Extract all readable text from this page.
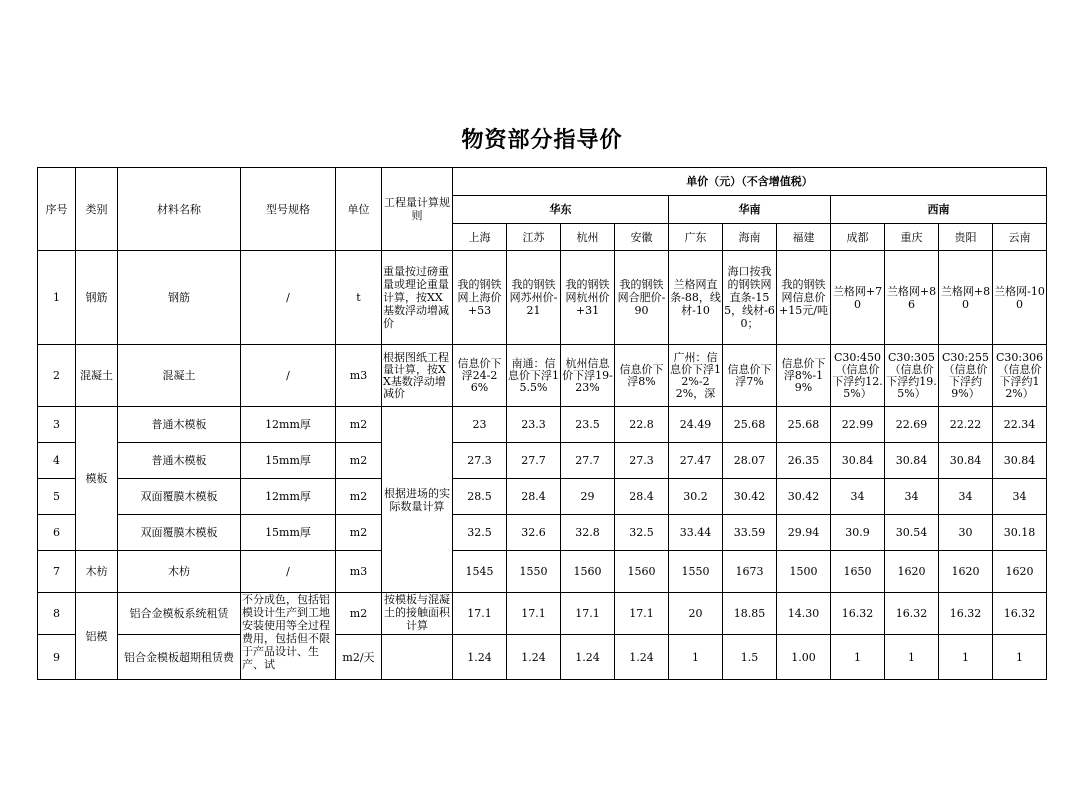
物资部分指导价
序号	类别	材料名称	型号规格	单位	工程量计算规则	单价（元）（不含增值税）										
						华东				华南			西南			
						上海	江苏	杭州	安徽	广东	海南	福建	成都	重庆	贵阳	云南
1	钢筋	钢筋	/	t	重量按过磅重量或理论重量计算，按XX基数浮动增减价	我的钢铁网上海价+53	我的钢铁网苏州价-21	我的钢铁网杭州价+31	我的钢铁网合肥价-90	兰格网直条-88，线材-10	海口按我的钢铁网直条-155，线材-60；	我的钢铁网信息价+15元/吨	兰格网+70	兰格网+86	兰格网+80	兰格网-100
2	混凝土	混凝土	/	m3	根据图纸工程量计算，按XX基数浮动增减价	信息价下浮24-26%	南通：信息价下浮15.5%	杭州信息价下浮19-23%	信息价下浮8%	广州：信息价下浮12%-22%，深	信息价下浮7%	信息价下浮8%-19%	C30:450（信息价下浮约12.5%）	C30:305（信息价下浮约19.5%）	C30:255（信息价下浮约9%）	C30:306（信息价下浮约12%）

3	模板	普通木模板	12mm厚	m2	根据进场的实际数量计算	23	23.3	23.5	22.8	24.49	25.68	25.68	22.99	22.69	22.22	22.34
4		普通木模板	15mm厚	m2		27.3	27.7	27.7	27.3	27.47	28.07	26.35	30.84	30.84	30.84	30.84
5		双面覆膜木模板	12mm厚	m2		28.5	28.4	29	28.4	30.2	30.42	30.42	34	34	34	34
6		双面覆膜木模板	15mm厚	m2		32.5	32.6	32.8	32.5	33.44	33.59	29.94	30.9	30.54	30	30.18
7	木枋	木枋	/	m3		1545	1550	1560	1560	1550	1673	1500	1650	1620	1620	1620
8	铝模	铝合金模板系统租赁	不分成色，包括铝模设计生产到工地安装使用等全过程费用，包括但不限于产品设计、生产、试	m2	按模板与混凝土的接触面积计算	17.1	17.1	17.1	17.1	20	18.85	14.30	16.32	16.32	16.32	16.32
9		铝合金模板超期租赁费		m2/天		1.24	1.24	1.24	1.24	1	1.5	1.00	1	1	1	1
